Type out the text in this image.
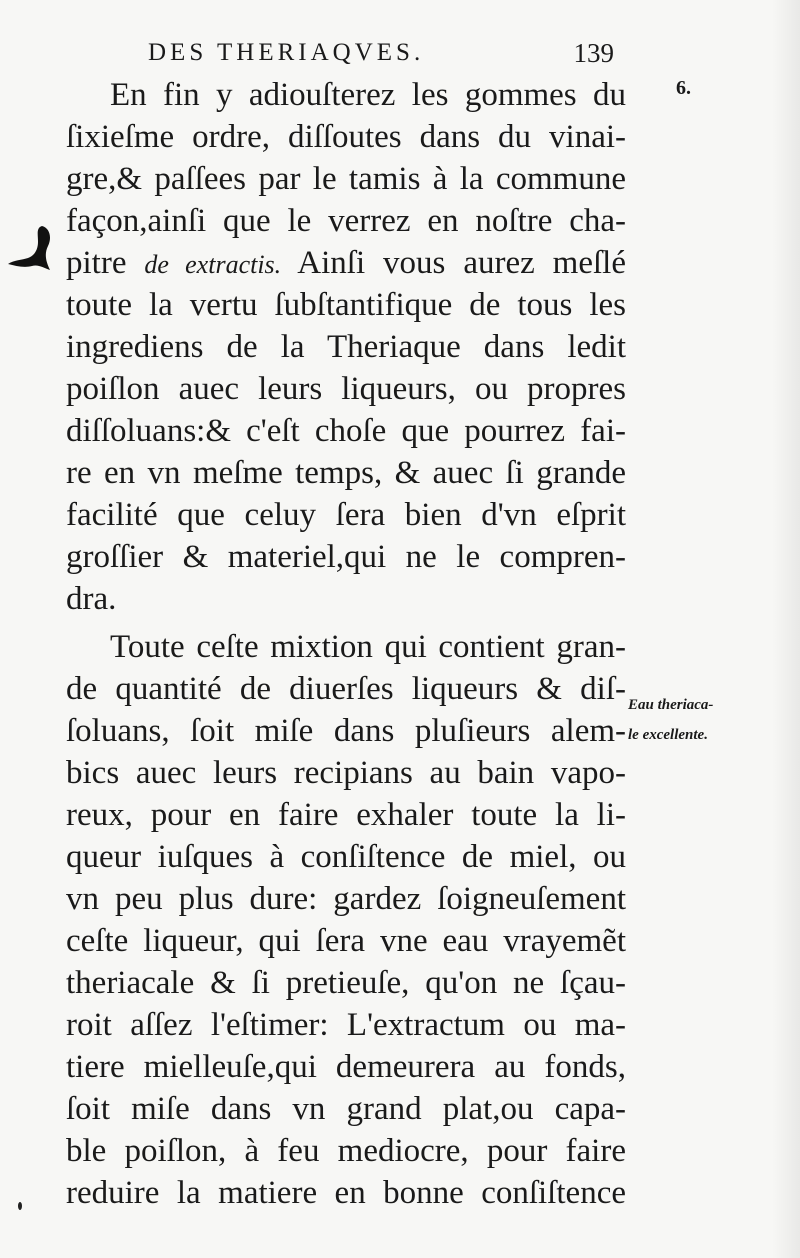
DES THERIAQVES.	139
6.
Eau theriaca-
le excellente.
En fin y adiouſterez les gommes du
ſixieſme ordre, diſſoutes dans du vinai-
gre,& paſſees par le tamis à la commune
façon,ainſi que le verrez en noſtre cha-
pitre de extractis. Ainſi vous aurez meſlé
toute la vertu ſubſtantifique de tous les
ingrediens de la Theriaque dans ledit
poiſlon auec leurs liqueurs, ou propres
diſſoluans:& c'eſt choſe que pourrez fai-
re en vn meſme temps, & auec ſi grande
facilité que celuy ſera bien d'vn eſprit
groſſier & materiel,qui ne le compren-
dra.
Toute ceſte mixtion qui contient gran-
de quantité de diuerſes liqueurs & diſ-
ſoluans, ſoit miſe dans pluſieurs alem-
bics auec leurs recipians au bain vapo-
reux, pour en faire exhaler toute la li-
queur iuſques à conſiſtence de miel, ou
vn peu plus dure: gardez ſoigneuſement
ceſte liqueur, qui ſera vne eau vrayemẽt
theriacale & ſi pretieuſe, qu'on ne ſçau-
roit aſſez l'eſtimer: L'extractum ou ma-
tiere mielleuſe,qui demeurera au fonds,
ſoit miſe dans vn grand plat,ou capa-
ble poiſlon, à feu mediocre, pour faire
reduire la matiere en bonne conſiſtence
